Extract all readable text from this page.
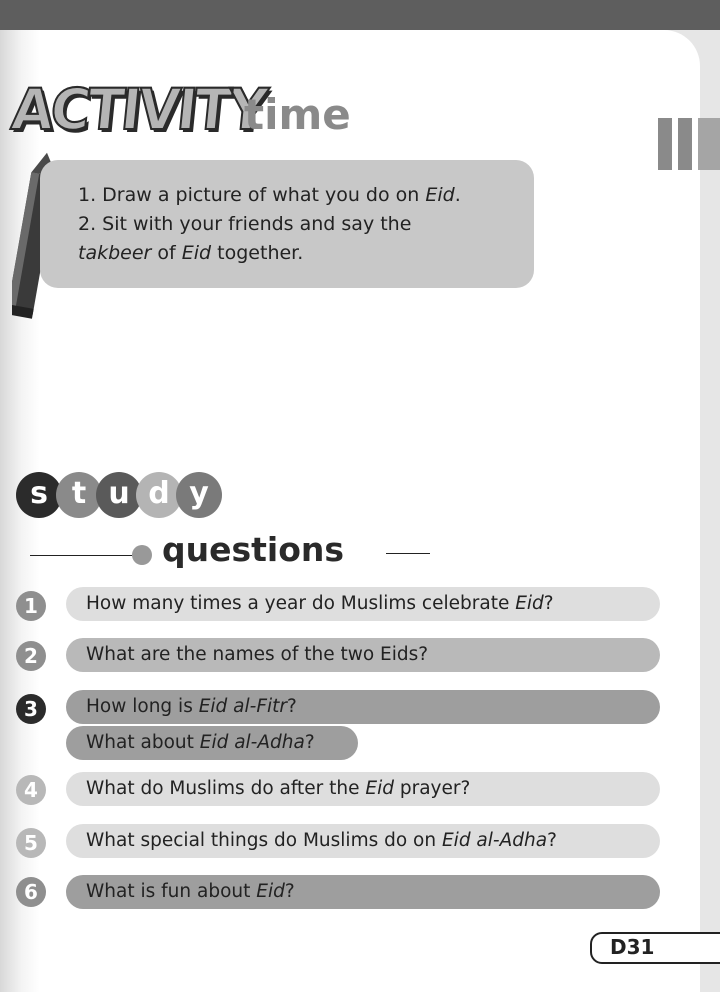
ACTIVITY
time

1. Draw a picture of what you do on Eid.

2. Sit with your friends and say the

takbeer of Eid together.

s t u d y
questions
1	How many times a year do Muslims celebrate Eid?
2	What are the names of the two Eids?
3	How long is Eid al-Fitr?
What about Eid al-Adha?
4	What do Muslims do after the Eid prayer?
5	What special things do Muslims do on Eid al-Adha?
6	What is fun about Eid?
D31
